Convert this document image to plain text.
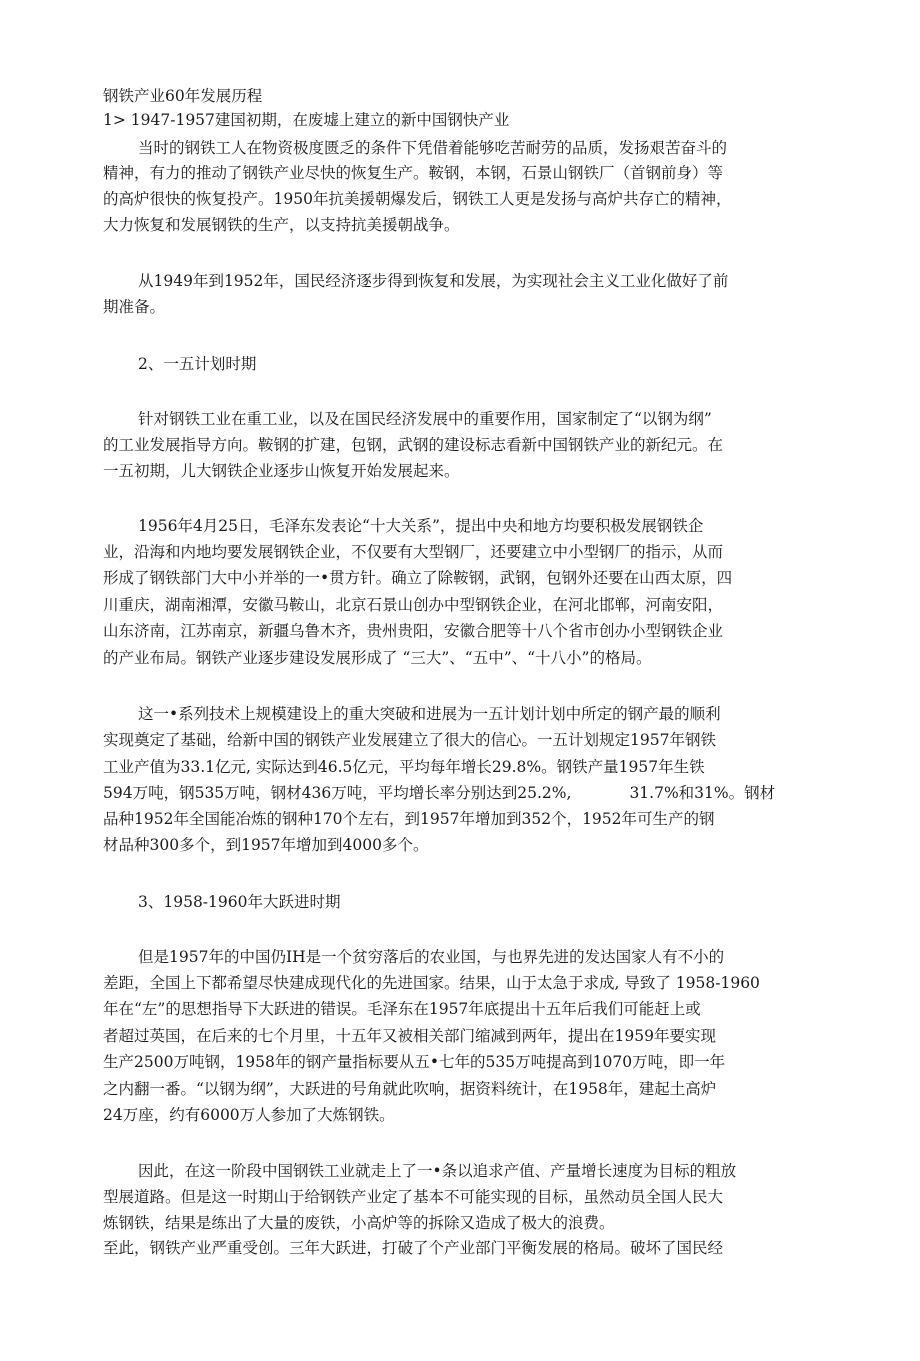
钢铁产业60年发展历程
1> 1947-1957建国初期，在废墟上建立的新中国钢快产业
当时的钢铁工人在物资极度匮乏的条件下凭借着能够吃苦耐劳的品质，发扬艰苦奋斗的
精神，有力的推动了钢铁产业尽快的恢复生产。鞍钢，本钢，石景山钢铁厂（首钢前身）等
的高炉很快的恢复投产。1950年抗美援朝爆发后，钢铁工人更是发扬与高炉共存亡的精神，
大力恢复和发展钢铁的生产，以支持抗美援朝战争。
从1949年到1952年，国民经济逐步得到恢复和发展，为实现社会主义工业化做好了前
期准备。
2、一五计划时期
针对钢铁工业在重工业，以及在国民经济发展中的重要作用，国家制定了“以钢为纲”
的工业发展指导方向。鞍钢的扩建，包钢，武钢的建设标志看新中国钢铁产业的新纪元。在
一五初期，儿大钢铁企业逐步山恢复开始发展起来。
1956年4月25日，毛泽东发表论“十大关系”，提出中央和地方均要积极发展钢铁企
业，沿海和内地均要发展钢铁企业，不仅要有大型钢厂，还要建立中小型钢厂的指示，从而
形成了钢铁部门大中小并举的一•贯方针。确立了除鞍钢，武钢，包钢外还要在山西太原，四
川重庆，湖南湘潭，安徽马鞍山，北京石景山创办中型钢铁企业，在河北邯郸，河南安阳，
山东济南，江苏南京，新疆乌鲁木齐，贵州贵阳，安徽合肥等十八个省市创办小型钢铁企业
的产业布局。钢铁产业逐步建设发展形成了 “三大”、“五中”、“十八小”的格局。
这一•系列技术上规模建设上的重大突破和进展为一五计划计划中所定的钢产最的顺利
实现奠定了基础，给新中国的钢铁产业发展建立了很大的信心。一五计划规定1957年钢铁
工业产值为33.1亿元, 实际达到46.5亿元，平均每年增长29.8%。钢铁产量1957年生铁
594万吨，钢535万吨，钢材436万吨，平均增长率分别达到25.2%,	31.7%和31%。钢材
品种1952年全国能冶炼的钢种170个左右，到1957年增加到352个，1952年可生产的钢
材品种300多个，到1957年增加到4000多个。
3、1958-1960年大跃进时期
但是1957年的中国仍IH是一个贫穷落后的农业国，与也界先进的发达国家人有不小的
差距，全国上下都希望尽快建成现代化的先进国家。结果，山于太急于求成, 导致了 1958-1960
年在“左”的思想指导下大跃进的错误。毛泽东在1957年底提出十五年后我们可能赶上或
者超过英国，在后来的七个月里，十五年又被相关部门缩减到两年，提出在1959年要实现
生产2500万吨钢，1958年的钢产量指标要从五•七年的535万吨提高到1070万吨，即一年
之内翻一番。“以钢为纲”，大跃进的号角就此吹响，据资料统计，在1958年，建起土高炉
24万座，约有6000万人参加了大炼钢铁。
因此，在这一阶段中国钢铁工业就走上了一•条以追求产值、产量增长速度为目标的粗放
型展道路。但是这一时期山于给钢铁产业定了基本不可能实现的目标，虽然动员全国人民大
炼钢铁，结果是练出了大量的废铁，小高炉等的拆除又造成了极大的浪费。
至此，钢铁产业严重受创。三年大跃进，打破了个产业部门平衡发展的格局。破坏了国民经
